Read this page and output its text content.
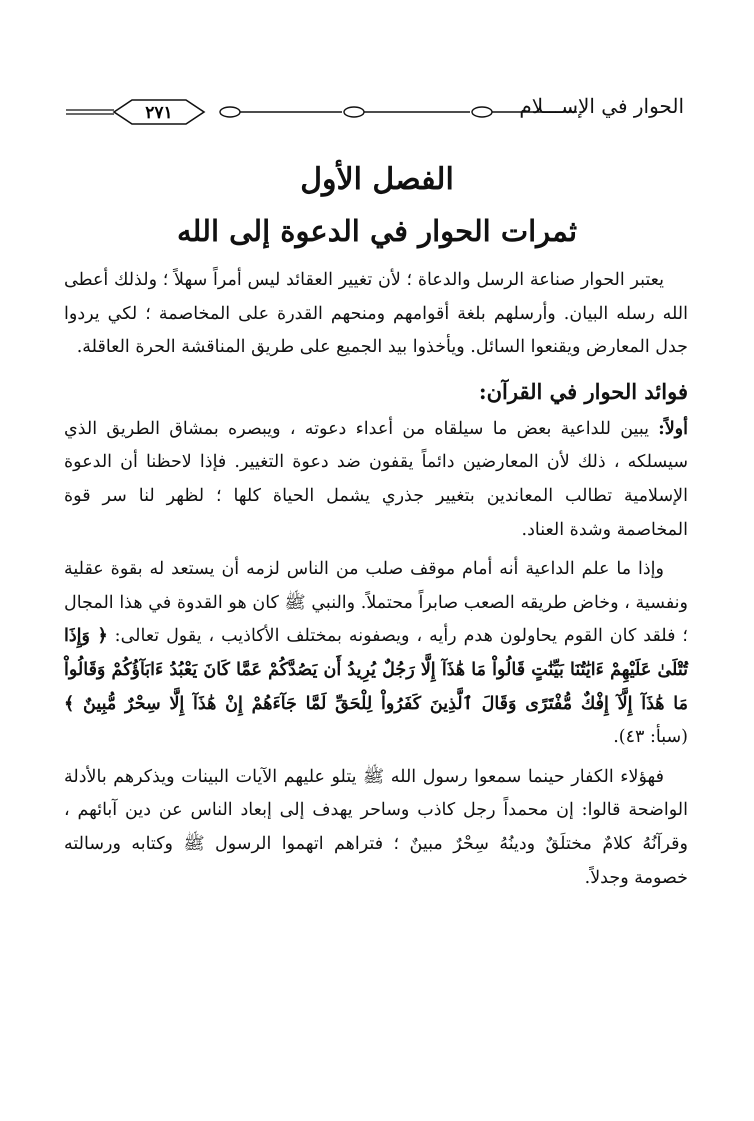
الحوار في الإســـلام
٢٧١
الفصل الأول
ثمرات الحوار في الدعوة إلى الله

يعتبر الحوار صناعة الرسل والدعاة ؛ لأن تغيير العقائد ليس أمراً سهلاً ؛ ولذلك أعطى الله رسله البيان. وأرسلهم بلغة أقوامهم ومنحهم القدرة على المخاصمة ؛ لكي يردوا جدل المعارض ويقنعوا السائل. ويأخذوا بيد الجميع على طريق المناقشة الحرة العاقلة.

فوائد الحوار في القرآن:

أولاً: يبين للداعية بعض ما سيلقاه من أعداء دعوته ، ويبصره بمشاق الطريق الذي سيسلكه ، ذلك لأن المعارضين دائماً يقفون ضد دعوة التغيير. فإذا لاحظنا أن الدعوة الإسلامية تطالب المعاندين بتغيير جذري يشمل الحياة كلها ؛ لظهر لنا سر قوة المخاصمة وشدة العناد.

وإذا ما علم الداعية أنه أمام موقف صلب من الناس لزمه أن يستعد له بقوة عقلية ونفسية ، وخاض طريقه الصعب صابراً محتملاً. والنبي ﷺ كان هو القدوة في هذا المجال ؛ فلقد كان القوم يحاولون هدم رأيه ، ويصفونه بمختلف الأكاذيب ، يقول تعالى: ﴿ وَإِذَا تُتْلَىٰ عَلَيْهِمْ ءَايَٰتُنَا بَيِّنَٰتٍ قَالُواْ مَا هَٰذَآ إِلَّا رَجُلٌ يُرِيدُ أَن يَصُدَّكُمْ عَمَّا كَانَ يَعْبُدُ ءَابَآؤُكُمْ وَقَالُواْ مَا هَٰذَآ إِلَّآ إِفْكٌ مُّفْتَرًى وَقَالَ ٱلَّذِينَ كَفَرُواْ لِلْحَقِّ لَمَّا جَآءَهُمْ إِنْ هَٰذَآ إِلَّا سِحْرٌ مُّبِينٌ ﴾ (سبأ: ٤٣).

فهؤلاء الكفار حينما سمعوا رسول الله ﷺ يتلو عليهم الآيات البينات ويذكرهم بالأدلة الواضحة قالوا: إن محمداً رجل كاذب وساحر يهدف إلى إبعاد الناس عن دين آبائهم ، وقرآنُهُ كلامٌ مختلَقٌ ودينُهُ سِحْرٌ مبينٌ ؛ فتراهم اتهموا الرسول ﷺ وكتابه ورسالته خصومة وجدلاً.
